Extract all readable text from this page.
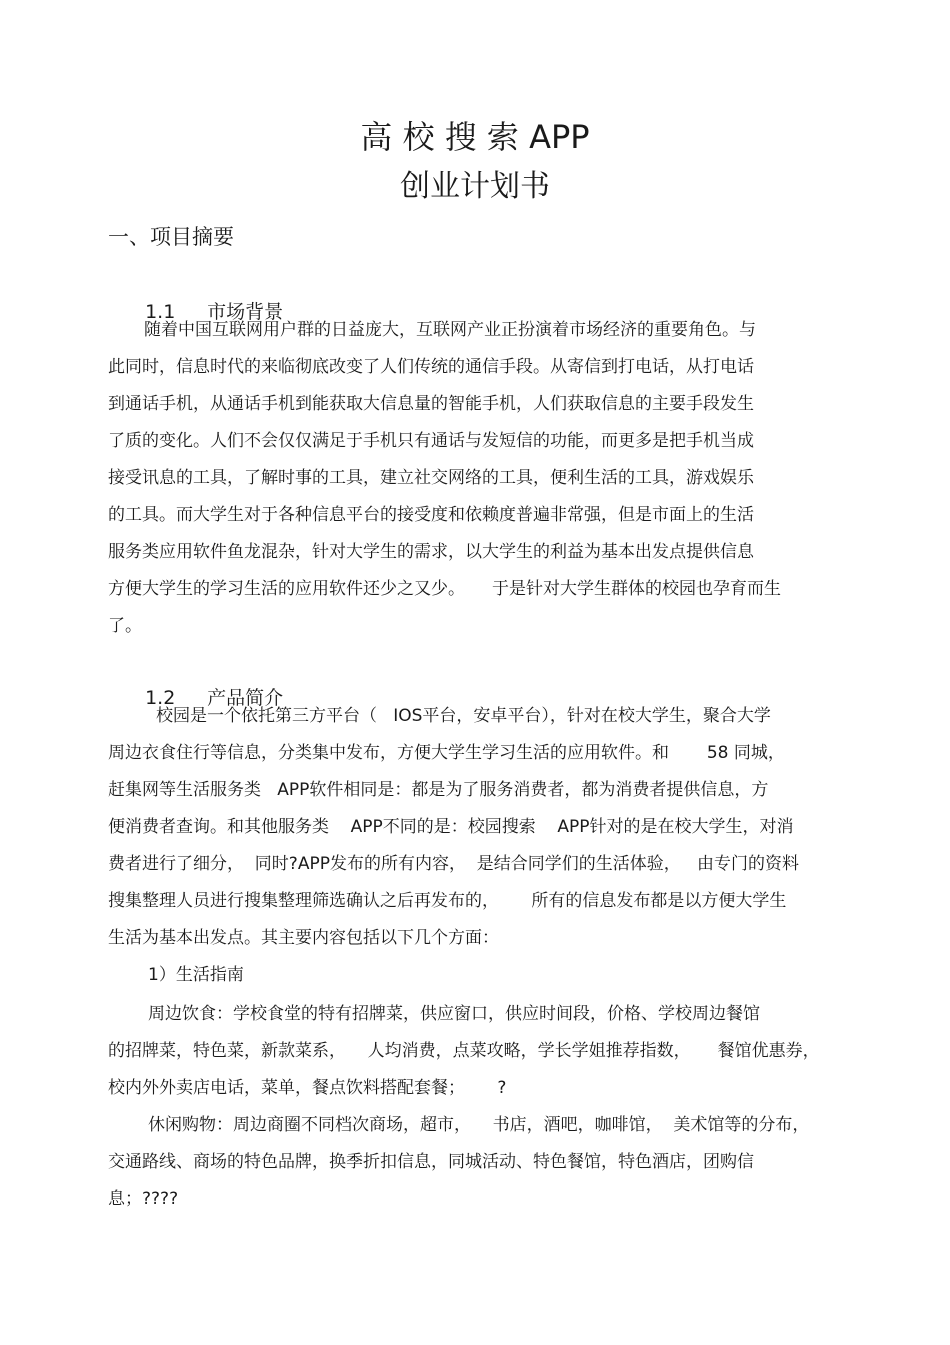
高 校 搜 索 APP
创业计划书
一、项目摘要

1.1 市场背景

随着中国互联网用户群的日益庞大，互联网产业正扮演着市场经济的重要角色。与
此同时，信息时代的来临彻底改变了人们传统的通信手段。从寄信到打电话，从打电话
到通话手机，从通话手机到能获取大信息量的智能手机，人们获取信息的主要手段发生
了质的变化。人们不会仅仅满足于手机只有通话与发短信的功能，而更多是把手机当成
接受讯息的工具，了解时事的工具，建立社交网络的工具，便利生活的工具，游戏娱乐
的工具。而大学生对于各种信息平台的接受度和依赖度普遍非常强，但是市面上的生活
服务类应用软件鱼龙混杂，针对大学生的需求，以大学生的利益为基本出发点提供信息
方便大学生的学习生活的应用软件还少之又少。     于是针对大学生群体的校园也孕育而生
了。

1.2 产品简介

校园是一个依托第三方平台（   IOS平台，安卓平台），针对在校大学生，聚合大学
周边衣食住行等信息，分类集中发布，方便大学生学习生活的应用软件。和       58 同城，
赶集网等生活服务类   APP软件相同是：都是为了服务消费者，都为消费者提供信息，方
便消费者查询。和其他服务类    APP不同的是：校园搜索    APP针对的是在校大学生，对消
费者进行了细分，  同时?APP发布的所有内容，  是结合同学们的生活体验，   由专门的资料
搜集整理人员进行搜集整理筛选确认之后再发布的，      所有的信息发布都是以方便大学生
生活为基本出发点。其主要内容包括以下几个方面：
1）生活指南
周边饮食：学校食堂的特有招牌菜，供应窗口，供应时间段，价格、学校周边餐馆
的招牌菜，特色菜，新款菜系，    人均消费，点菜攻略，学长学姐推荐指数，     餐馆优惠券，
校内外外卖店电话，菜单，餐点饮料搭配套餐；      ?
休闲购物：周边商圈不同档次商场，超市，    书店，酒吧，咖啡馆，  美术馆等的分布，
交通路线、商场的特色品牌，换季折扣信息，同城活动、特色餐馆，特色酒店，团购信
息；????
